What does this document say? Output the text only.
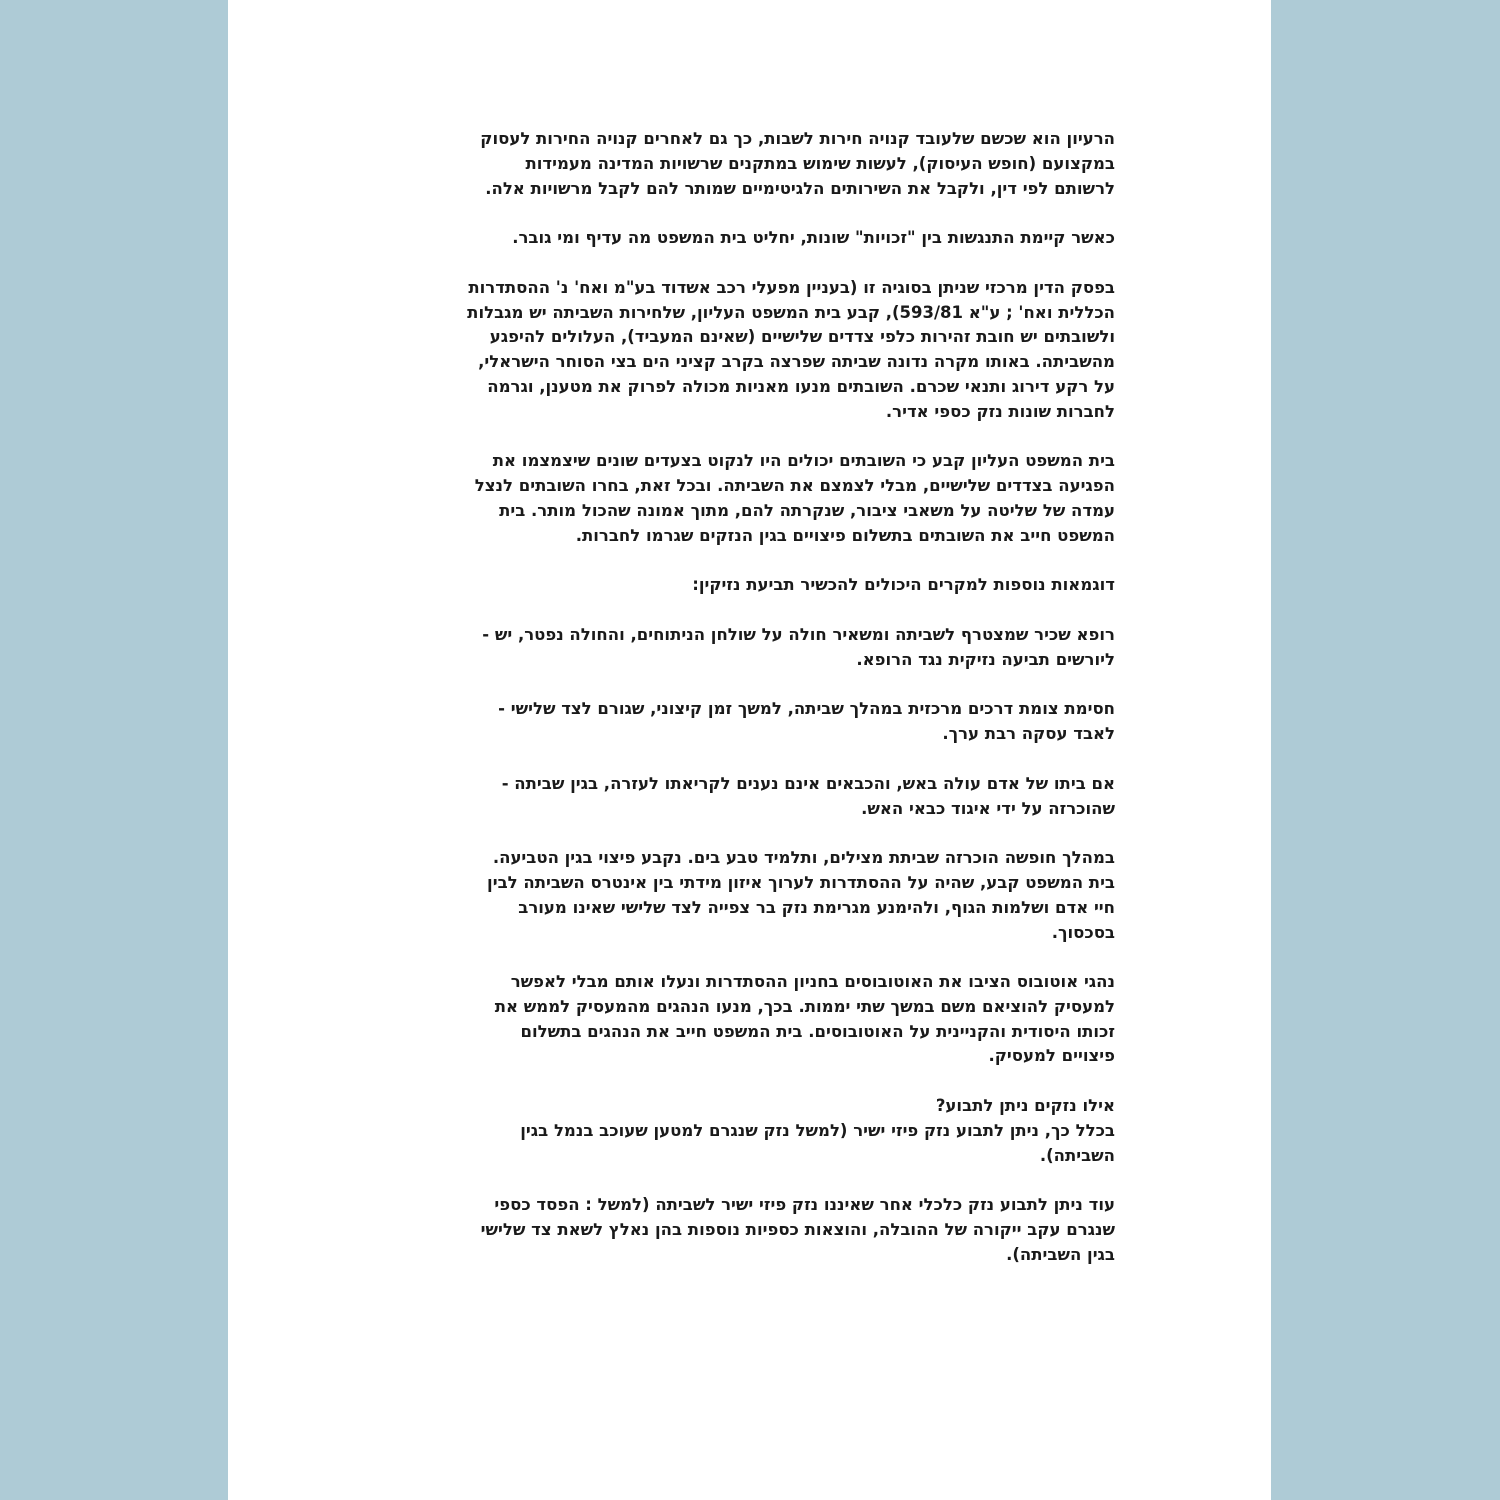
הרעיון הוא שכשם שלעובד קנויה חירות לשבות, כך גם לאחרים קנויה החירות לעסוק
במקצועם (חופש העיסוק), לעשות שימוש במתקנים שרשויות המדינה מעמידות
לרשותם לפי דין, ולקבל את השירותים הלגיטימיים שמותר להם לקבל מרשויות אלה.

כאשר קיימת התנגשות בין "זכויות" שונות, יחליט בית המשפט מה עדיף ומי גובר.

בפסק הדין מרכזי שניתן בסוגיה זו (בעניין מפעלי רכב אשדוד בע"מ ואח' נ' ההסתדרות
הכללית ואח' ; ע"א 593/81), קבע בית המשפט העליון, שלחירות השביתה יש מגבלות
ולשובתים יש חובת זהירות כלפי צדדים שלישיים (שאינם המעביד), העלולים להיפגע
מהשביתה. באותו מקרה נדונה שביתה שפרצה בקרב קציני הים בצי הסוחר הישראלי,
על רקע דירוג ותנאי שכרם. השובתים מנעו מאניות מכולה לפרוק את מטענן, וגרמה
לחברות שונות נזק כספי אדיר.

בית המשפט העליון קבע כי השובתים יכולים היו לנקוט בצעדים שונים שיצמצמו את
הפגיעה בצדדים שלישיים, מבלי לצמצם את השביתה. ובכל זאת, בחרו השובתים לנצל
עמדה של שליטה על משאבי ציבור, שנקרתה להם, מתוך אמונה שהכול מותר. בית
המשפט חייב את השובתים בתשלום פיצויים בגין הנזקים שגרמו לחברות.

דוגמאות נוספות למקרים היכולים להכשיר תביעת נזיקין:

רופא שכיר שמצטרף לשביתה ומשאיר חולה על שולחן הניתוחים, והחולה נפטר, יש -
ליורשים תביעה נזיקית נגד הרופא.

חסימת צומת דרכים מרכזית במהלך שביתה, למשך זמן קיצוני, שגורם לצד שלישי -
לאבד עסקה רבת ערך.

אם ביתו של אדם עולה באש, והכבאים אינם נענים לקריאתו לעזרה, בגין שביתה -
שהוכרזה על ידי איגוד כבאי האש.

במהלך חופשה הוכרזה שביתת מצילים, ותלמיד טבע בים. נקבע פיצוי בגין הטביעה.
בית המשפט קבע, שהיה על ההסתדרות לערוך איזון מידתי בין אינטרס השביתה לבין
חיי אדם ושלמות הגוף, ולהימנע מגרימת נזק בר צפייה לצד שלישי שאינו מעורב
בסכסוך.

נהגי אוטובוס הציבו את האוטובוסים בחניון ההסתדרות ונעלו אותם מבלי לאפשר
למעסיק להוציאם משם במשך שתי יממות. בכך, מנעו הנהגים מהמעסיק לממש את
זכותו היסודית והקניינית על האוטובוסים. בית המשפט חייב את הנהגים בתשלום
פיצויים למעסיק.

אילו נזקים ניתן לתבוע?

בכלל כך, ניתן לתבוע נזק פיזי ישיר (למשל נזק שנגרם למטען שעוכב בנמל בגין
השביתה).

עוד ניתן לתבוע נזק כלכלי אחר שאיננו נזק פיזי ישיר לשביתה (למשל : הפסד כספי
שנגרם עקב ייקורה של ההובלה, והוצאות כספיות נוספות בהן נאלץ לשאת צד שלישי
בגין השביתה).
